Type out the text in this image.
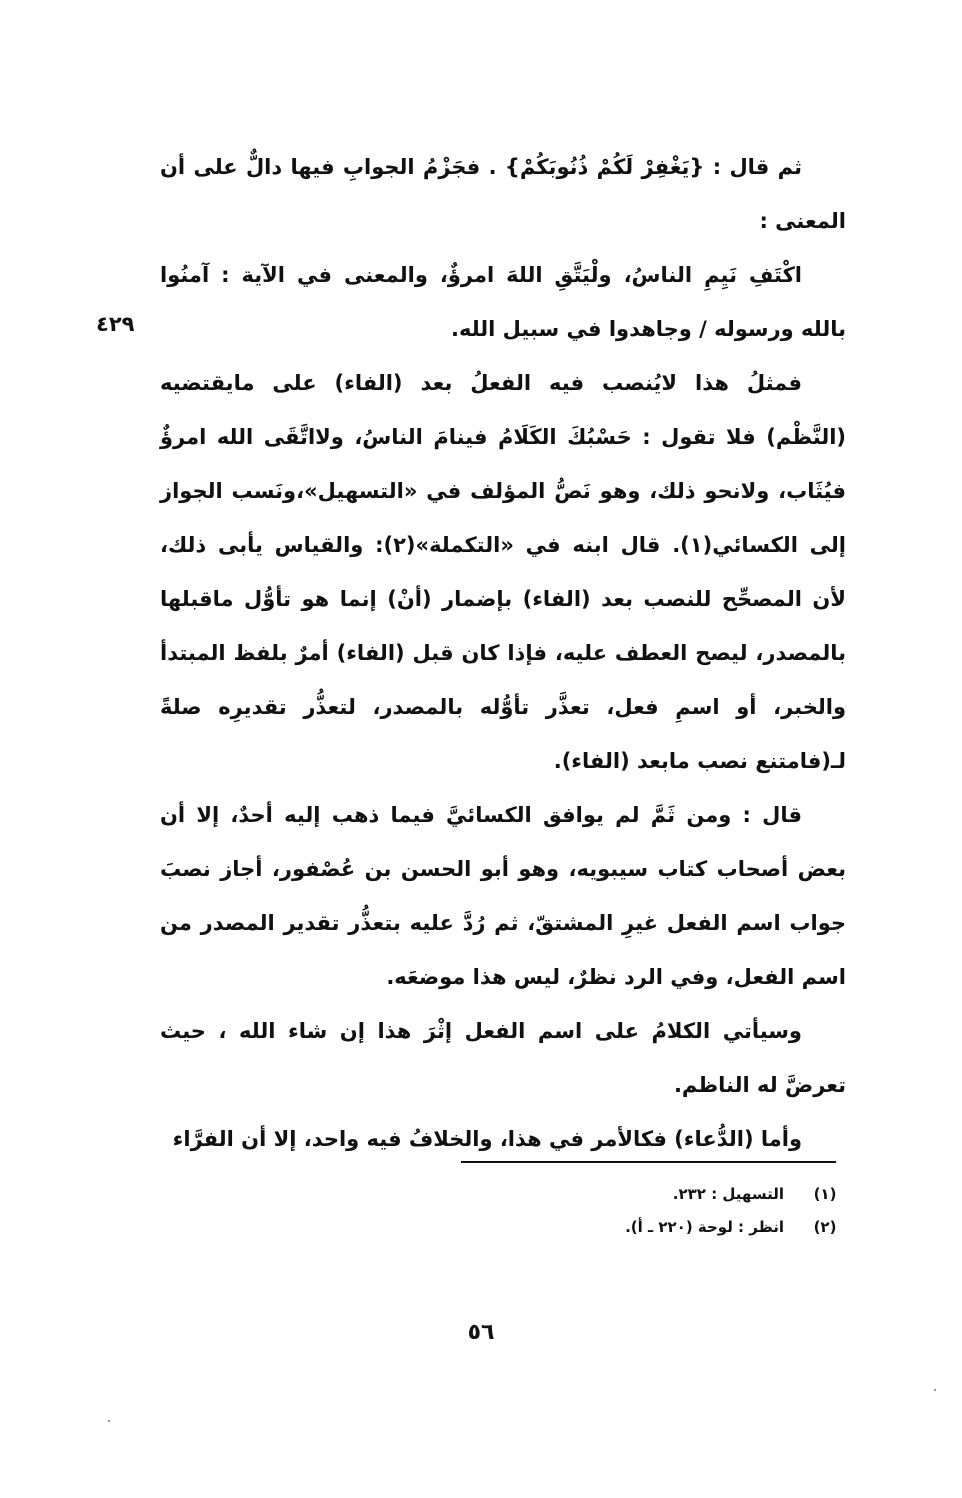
٤٢٩

ثم قال : {يَغْفِرْ لَكُمْ ذُنُوبَكُمْ} . فجَزْمُ الجوابِ فيها دالٌّ على أن المعنى :

اكْتَفِ نَيِمِ الناسُ، ولْيَتَّقِ اللهَ امرؤٌ، والمعنى في الآية : آمنُوا بالله ورسوله / وجاهدوا في سبيل الله.

فمثلُ هذا لايُنصب فيه الفعلُ بعد (الفاء) على مايقتضيه (النَّظْم) فلا تقول : حَسْبُكَ الكَلَامُ فينامَ الناسُ، ولااتَّقَى الله امرؤٌ فيُثَاب، ولانحو ذلك، وهو نَصُّ المؤلف في «التسهيل»،ونَسب الجواز إلى الكسائي(١). قال ابنه في «التكملة»(٢): والقياس يأبى ذلك، لأن المصحِّح للنصب بعد (الفاء) بإضمار (أنْ) إنما هو تأوُّل ماقبلها بالمصدر، ليصح العطف عليه، فإذا كان قبل (الفاء) أمرٌ بلفظ المبتدأ والخبر، أو اسمِ فعل، تعذَّر تأوُّله بالمصدر، لتعذُّر تقديرِه صلةً لـ(فامتنع نصب مابعد (الفاء).

قال : ومن ثَمَّ لم يوافق الكسائيَّ فيما ذهب إليه أحدٌ، إلا أن بعض أصحاب كتاب سيبويه، وهو أبو الحسن بن عُصْفور، أجاز نصبَ جواب اسم الفعل غيرِ المشتقّ، ثم رُدَّ عليه بتعذُّر تقدير المصدر من اسم الفعل، وفي الرد نظرٌ، ليس هذا موضعَه.

وسيأتي الكلامُ على اسم الفعل إثْرَ هذا إن شاء الله ، حيث تعرضَّ له الناظم.

وأما (الدُّعاء) فكالأمر في هذا، والخلافُ فيه واحد، إلا أن الفرَّاء

(١)
التسهيل : ٢٣٢.
(٢)
انظر : لوحة (٢٢٠ ـ أ).
٥٦
